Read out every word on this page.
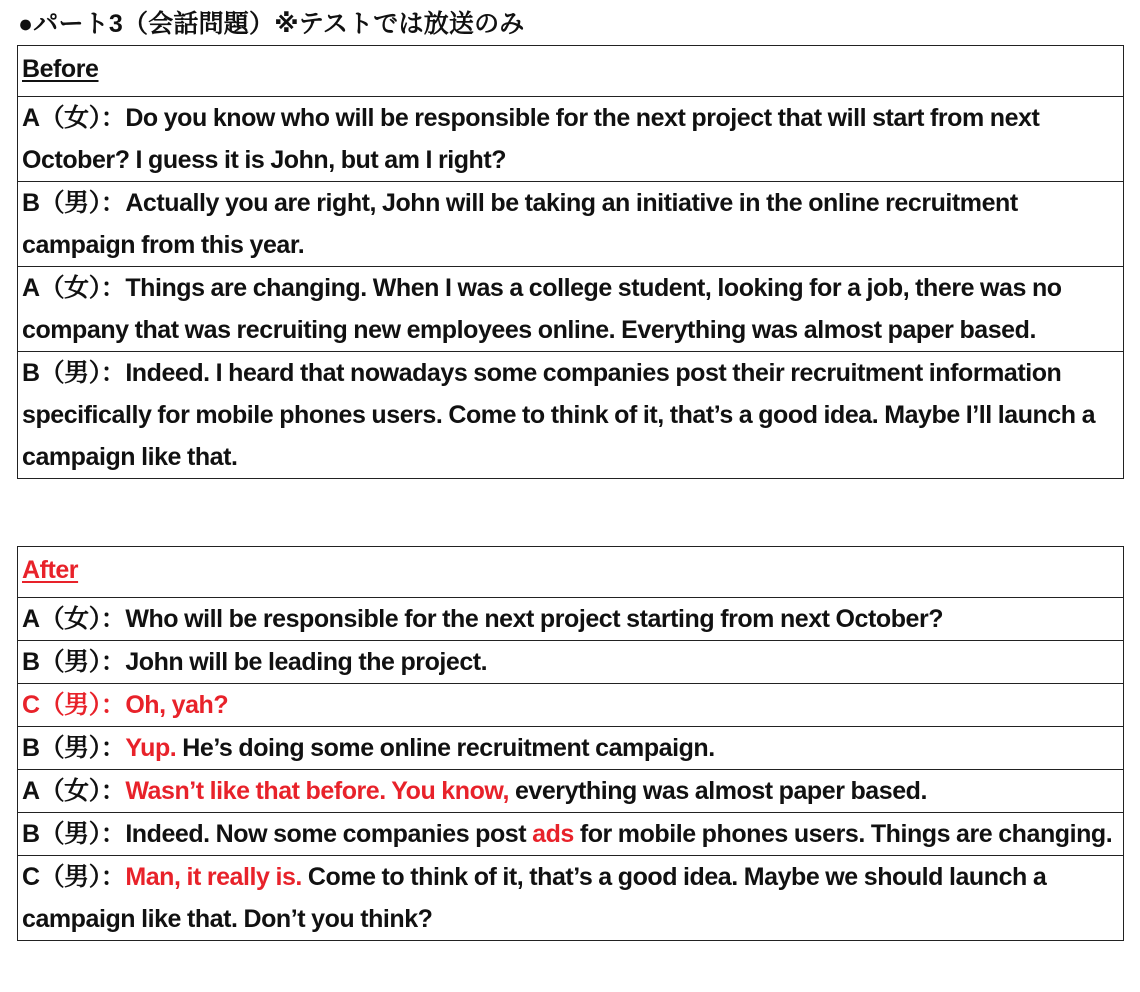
●パート3（会話問題）※テストでは放送のみ
Before
A（女）：Do you know who will be responsible for the next project that will start from next October? I guess it is John, but am I right?
B（男）：Actually you are right, John will be taking an initiative in the online recruitment campaign from this year.
A（女）：Things are changing. When I was a college student, looking for a job, there was no company that was recruiting new employees online. Everything was almost paper based.
B（男）：Indeed. I heard that nowadays some companies post their recruitment information specifically for mobile phones users. Come to think of it, that’s a good idea. Maybe I’ll launch a campaign like that.
After
A（女）：Who will be responsible for the next project starting from next October?
B（男）：John will be leading the project.
C（男）：Oh, yah?
B（男）：Yup. He’s doing some online recruitment campaign.
A（女）：Wasn’t like that before. You know, everything was almost paper based.
B（男）：Indeed. Now some companies post ads for mobile phones users. Things are changing.
C（男）：Man, it really is. Come to think of it, that’s a good idea. Maybe we should launch a campaign like that. Don’t you think?
